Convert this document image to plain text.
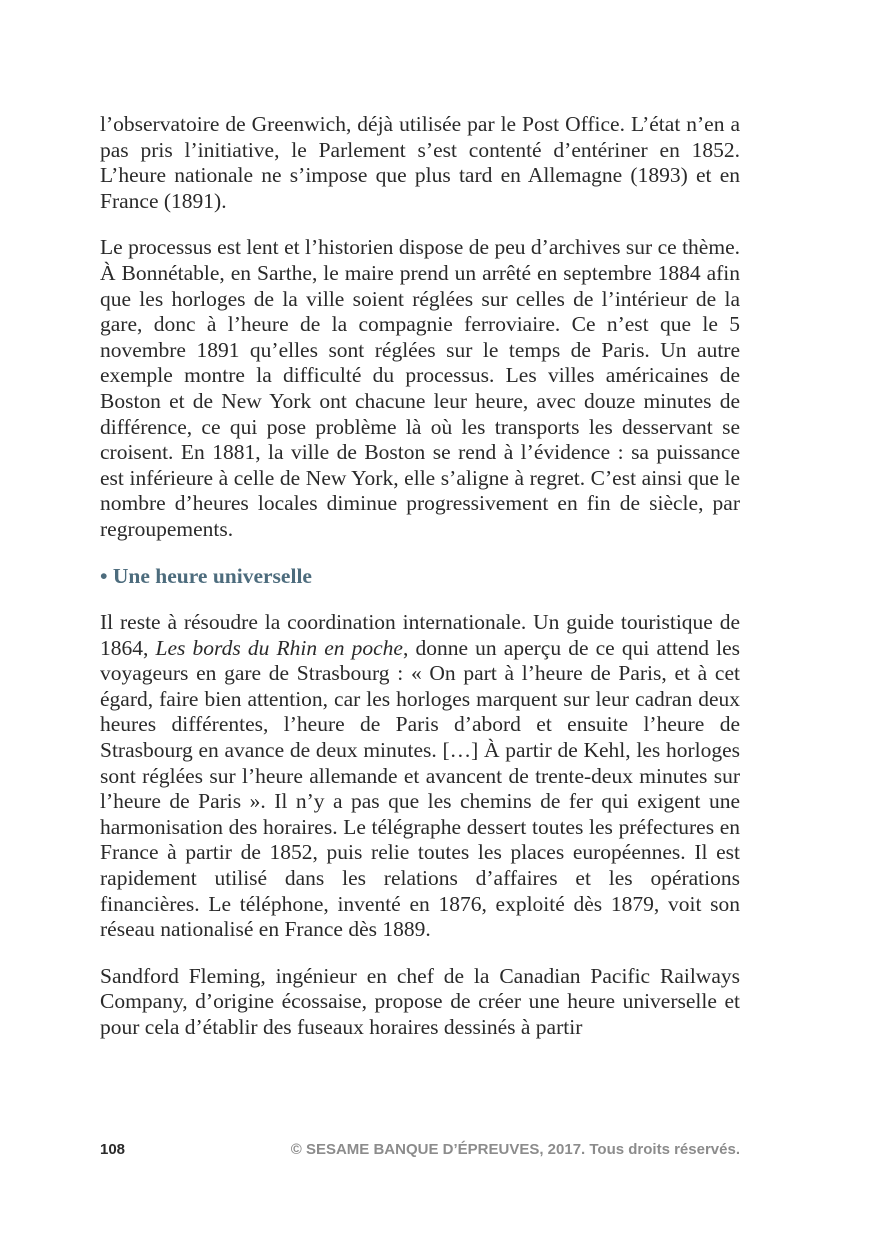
l’observatoire de Greenwich, déjà utilisée par le Post Office. L’état n’en a pas pris l’initiative, le Parlement s’est contenté d’entériner en 1852. L’heure nationale ne s’impose que plus tard en Allemagne (1893) et en France (1891).

Le processus est lent et l’historien dispose de peu d’archives sur ce thème. À Bonnétable, en Sarthe, le maire prend un arrêté en septembre 1884 afin que les horloges de la ville soient réglées sur celles de l’intérieur de la gare, donc à l’heure de la compagnie ferroviaire. Ce n’est que le 5 novembre 1891 qu’elles sont réglées sur le temps de Paris. Un autre exemple montre la difficulté du processus. Les villes américaines de Boston et de New York ont chacune leur heure, avec douze minutes de différence, ce qui pose problème là où les transports les desservant se croisent. En 1881, la ville de Boston se rend à l’évidence : sa puissance est inférieure à celle de New York, elle s’aligne à regret. C’est ainsi que le nombre d’heures locales diminue progressivement en fin de siècle, par regroupements.

• Une heure universelle

Il reste à résoudre la coordination internationale. Un guide touristique de 1864, Les bords du Rhin en poche, donne un aperçu de ce qui attend les voyageurs en gare de Strasbourg : « On part à l’heure de Paris, et à cet égard, faire bien attention, car les horloges marquent sur leur cadran deux heures différentes, l’heure de Paris d’abord et ensuite l’heure de Strasbourg en avance de deux minutes. […] À partir de Kehl, les horloges sont réglées sur l’heure allemande et avancent de trente-deux minutes sur l’heure de Paris ». Il n’y a pas que les chemins de fer qui exigent une harmonisation des horaires. Le télégraphe dessert toutes les préfectures en France à partir de 1852, puis relie toutes les places européennes. Il est rapidement utilisé dans les relations d’affaires et les opérations financières. Le téléphone, inventé en 1876, exploité dès 1879, voit son réseau nationalisé en France dès 1889.

Sandford Fleming, ingénieur en chef de la Canadian Pacific Railways Company, d’origine écossaise, propose de créer une heure universelle et pour cela d’établir des fuseaux horaires dessinés à partir

108	© SESAME BANQUE D’ÉPREUVES, 2017. Tous droits réservés.
